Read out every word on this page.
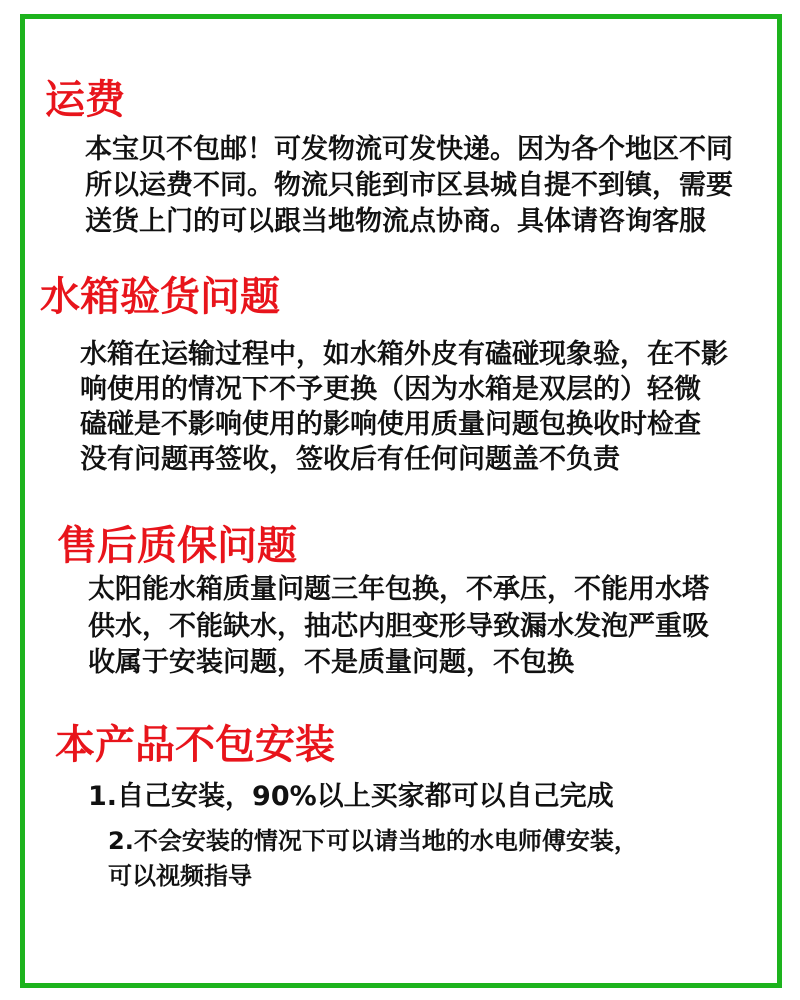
运费

本宝贝不包邮！可发物流可发快递。因为各个地区不同
所以运费不同。物流只能到市区县城自提不到镇，需要
送货上门的可以跟当地物流点协商。具体请咨询客服

水箱验货问题

水箱在运输过程中，如水箱外皮有磕碰现象验，在不影
响使用的情况下不予更换（因为水箱是双层的）轻微
磕碰是不影响使用的影响使用质量问题包换收时检查
没有问题再签收，签收后有任何问题盖不负责

售后质保问题

太阳能水箱质量问题三年包换，不承压，不能用水塔
供水，不能缺水，抽芯内胆变形导致漏水发泡严重吸
收属于安装问题，不是质量问题，不包换

本产品不包安装

1.自己安装，90%以上买家都可以自己完成

2.不会安装的情况下可以请当地的水电师傅安装，
可以视频指导
